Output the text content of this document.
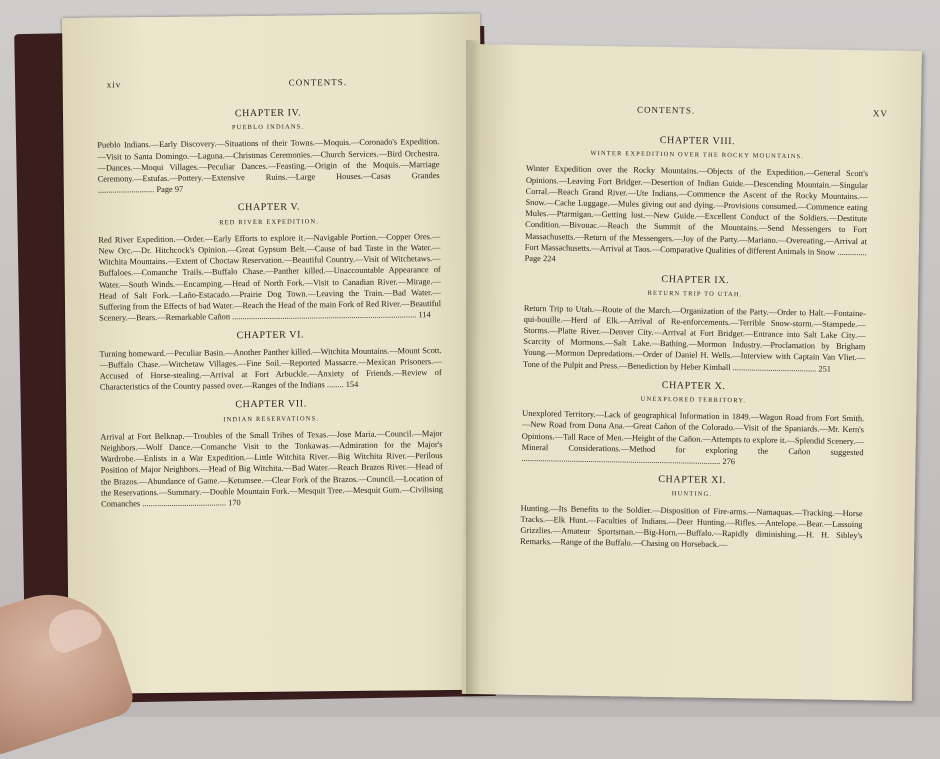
xiv	CONTENTS.
CHAPTER IV.
PUEBLO INDIANS.

Pueblo Indians.—Early Discovery.—Situations of their Towns.—Moquis.—Coronado's Expedition.—Visit to Santa Domingo.—Laguna.—Christmas Ceremonies.—Church Services.—Bird Orchestra.—Dances.—Moqui Villages.—Peculiar Dances.—Feasting.—Origin of the Moquis.—Marriage Ceremony.—Estufas.—Pottery.—Extensive Ruins.—Large Houses.—Casas Grandes ........................... Page 97

CHAPTER V.
RED RIVER EXPEDITION.

Red River Expedition.—Order.—Early Efforts to explore it.—Navigable Portion.—Copper Ores.—New Orc.—Dr. Hitchcock's Opinion.—Great Gypsum Belt.—Cause of bad Taste in the Water.—Witchita Mountains.—Extent of Choctaw Reservation.—Beautiful Country.—Visit of Witchetaws.—Buffaloes.—Comanche Trails.—Buffalo Chase.—Panther killed.—Unaccountable Appearance of Water.—South Winds.—Encamping.—Head of North Fork.—Visit to Canadian River.—Mirage.—Head of Salt Fork.—Laño-Estacado.—Prairie Dog Town.—Leaving the Train.—Bad Water.—Suffering from the Effects of bad Water.—Reach the Head of the main Fork of Red River.—Beautiful Scenery.—Bears.—Remarkable Cañon ........................................................................................ 114

CHAPTER VI.

Turning homeward.—Peculiar Basin.—Another Panther killed.—Witchita Mountains.—Mount Scott.—Buffalo Chase.—Witchetaw Villages.—Fine Soil.—Reported Massacre.—Mexican Prisoners.—Accused of Horse-stealing.—Arrival at Fort Arbuckle.—Anxiety of Friends.—Review of Characteristics of the Country passed over.—Ranges of the Indians ........ 154

CHAPTER VII.
INDIAN RESERVATIONS.

Arrival at Fort Belknap.—Troubles of the Small Tribes of Texas.—Jose Maria.—Council.—Major Neighbors.—Wolf Dance.—Comanche Visit to the Tonkawas.—Admiration for the Major's Wardrobe.—Enlists in a War Expedition.—Little Witchita River.—Big Witchita River.—Perilous Position of Major Neighbors.—Head of Big Witchita.—Bad Water.—Reach Brazos River.—Head of the Brazos.—Abundance of Game.—Ketumsee.—Clear Fork of the Brazos.—Council.—Location of the Reservations.—Summary.—Double Mountain Fork.—Mesquit Tree.—Mesquit Gum.—Civilising Comanches ........................................ 170

CONTENTS.	XV
CHAPTER VIII.
WINTER EXPEDITION OVER THE ROCKY MOUNTAINS.

Winter Expedition over the Rocky Mountains.—Objects of the Expedition.—General Scott's Opinions.—Leaving Fort Bridger.—Desertion of Indian Guide.—Descending Mountain.—Singular Corral.—Reach Grand River.—Ute Indians.—Commence the Ascent of the Rocky Mountains.—Snow.—Cache Luggage.—Mules giving out and dying.—Provisions consumed.—Commence eating Mules.—Ptarmigan.—Getting lost.—New Guide.—Excellent Conduct of the Soldiers.—Destitute Condition.—Bivouac.—Reach the Summit of the Mountains.—Send Messengers to Fort Massachusetts.—Return of the Messengers.—Joy of the Party.—Mariano.—Overeating.—Arrival at Fort Massachusetts.—Arrival at Taos.—Comparative Qualities of different Animals in Snow .............. Page 224

CHAPTER IX.
RETURN TRIP TO UTAH.

Return Trip to Utah.—Route of the March.—Organization of the Party.—Order to Halt.—Fontaine-qui-bouille.—Herd of Elk.—Arrival of Re-enforcements.—Terrible Snow-storm.—Stampede.—Storms.—Platte River.—Denver City.—Arrival at Fort Bridger.—Entrance into Salt Lake City.—Scarcity of Mormons.—Salt Lake.—Bathing.—Mormon Industry.—Proclamation by Brigham Young.—Mormon Depredations.—Order of Daniel H. Wells.—Interview with Captain Van Vliet.—Tone of the Pulpit and Press.—Benediction by Heber Kimball ........................................ 251

CHAPTER X.
UNEXPLORED TERRITORY.

Unexplored Territory.—Lack of geographical Information in 1849.—Wagon Road from Fort Smith.—New Road from Dona Ana.—Great Cañon of the Colorado.—Visit of the Spaniards.—Mr. Kern's Opinions.—Tall Race of Men.—Height of the Cañon.—Attempts to explore it.—Splendid Scenery.—Mineral Considerations.—Method for exploring the Cañon suggested ............................................................................................... 276

CHAPTER XI.
HUNTING.

Hunting.—Its Benefits to the Soldier.—Disposition of Fire-arms.—Namaquas.—Tracking.—Horse Tracks.—Elk Hunt.—Faculties of Indians.—Deer Hunting.—Rifles.—Antelope.—Bear.—Lassoing Grizzlies.—Amateur Sportsman.—Big-Horn.—Buffalo.—Rapidly diminishing.—H. H. Sibley's Remarks.—Range of the Buffalo.—Chasing on Horseback.—
